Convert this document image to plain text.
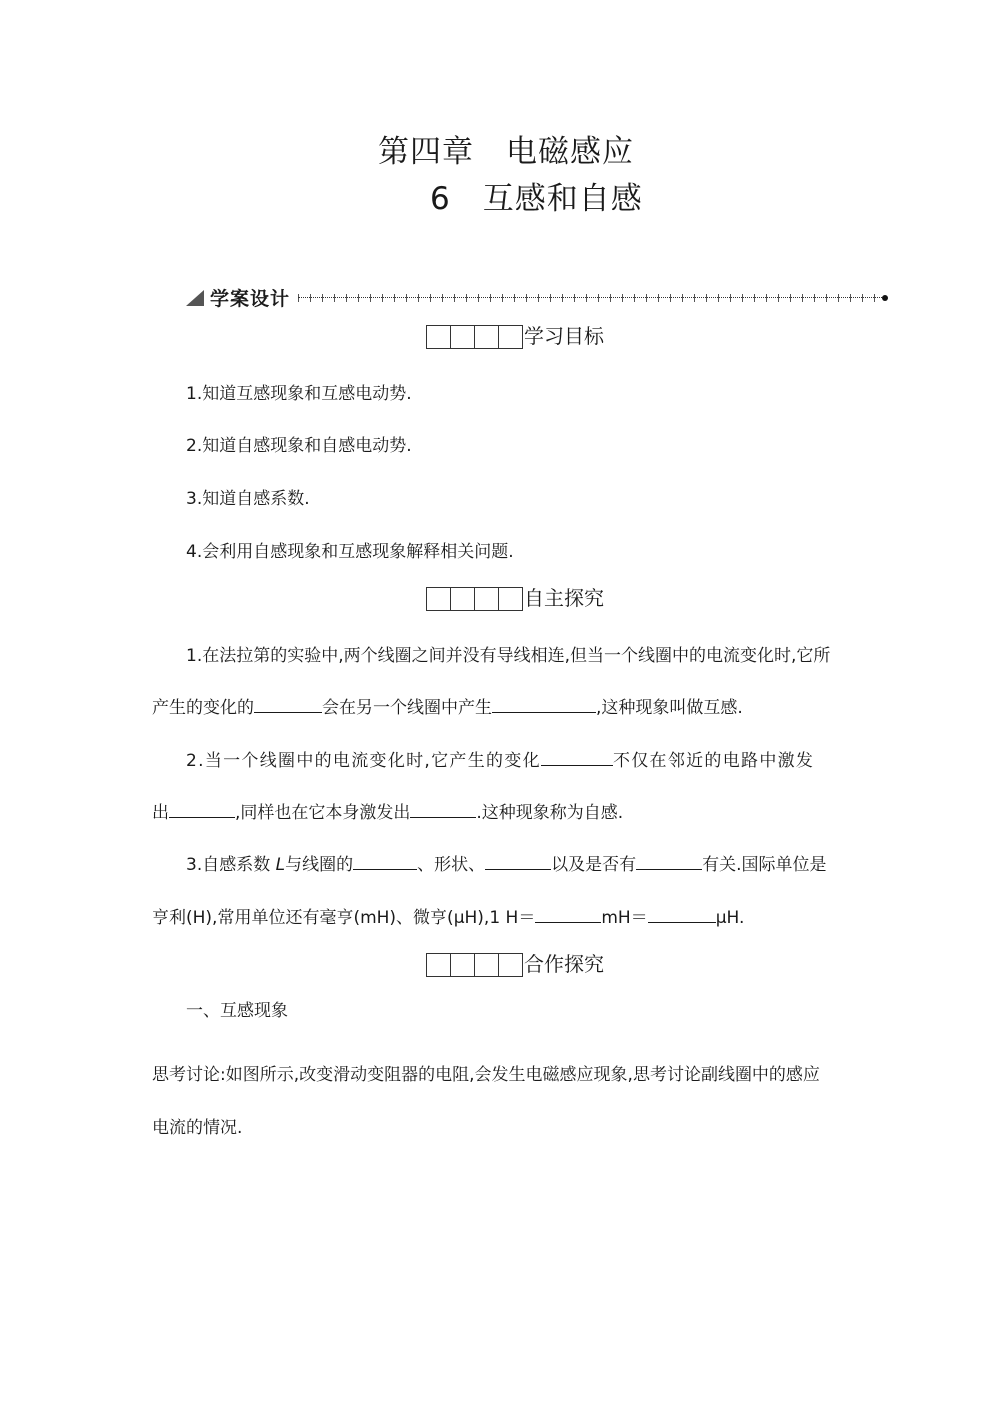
第四章　电磁感应
6　互感和自感
学案设计
学习目标
1.知道互感现象和互感电动势.
2.知道自感现象和自感电动势.
3.知道自感系数.
4.会利用自感现象和互感现象解释相关问题.
自主探究
1.在法拉第的实验中,两个线圈之间并没有导线相连,但当一个线圈中的电流变化时,它所
产生的变化的	会在另一个线圈中产生	,这种现象叫做互感.
2.当一个线圈中的电流变化时,它产生的变化	不仅在邻近的电路中激发
出	,同样也在它本身激发出	.这种现象称为自感.
3.自感系数 L与线圈的	、形状、	以及是否有	有关.国际单位是
亨利(H),常用单位还有毫亨(mH)、微亨(μH),1 H＝	mH＝	μH.
合作探究
一、互感现象
思考讨论:如图所示,改变滑动变阻器的电阻,会发生电磁感应现象,思考讨论副线圈中的感应
电流的情况.
